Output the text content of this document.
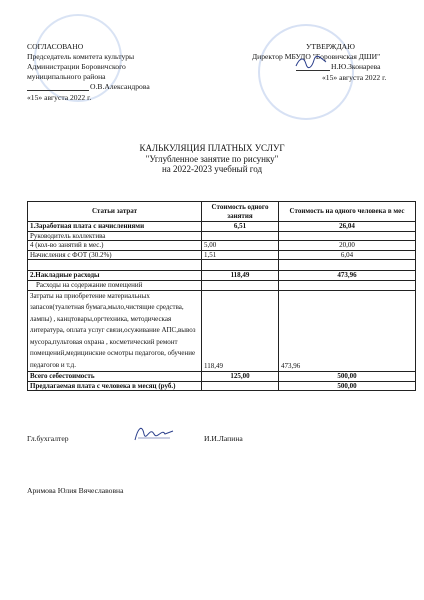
СОГЛАСОВАНО
Председатель комитета культуры
Администрации Боровичского
муниципального района
О.В.Александрова
«15» августа 2022 г.
УТВЕРЖДАЮ
Директор МБУДО "Боровичская ДШИ"
Н.Ю.Зконарева
«15» августа 2022 г.
КАЛЬКУЛЯЦИЯ ПЛАТНЫХ УСЛУГ
"Углубленное занятие по рисунку"
на 2022-2023 учебный год
Статьи затрат	Стоимость одного занятия	Стоимость на одного человека в мес
1.Заработная плата с начислениями	6,51	26,04
Руководитель коллектива		
4 (кол-во занятий в мес.)	5,00	20,00
Начисления с ФОТ (30.2%)	1,51	6,04

2.Накладные расходы	118,49	473,96
Расходы на содержание помещений		
Затраты на приобретение материальных запасов(туалетная бумага,мыло,чистящие средства, лампы) , канцтовары,оргтехника, методическая литература, оплата услуг связи,осуживание АПС,вывоз мусора,пультовая охрана , косметический ремонт помещений,медицинские осмотры педагогов, обучение педагогов и т.д.	118,49	473,96
Всего себестоимость	125,00	500,00
Предлагаемая плата с человека в месяц (руб.)		500,00
Гл.бухгалтер	И.И.Лапина
Аримова Юлия Вячеславовна
